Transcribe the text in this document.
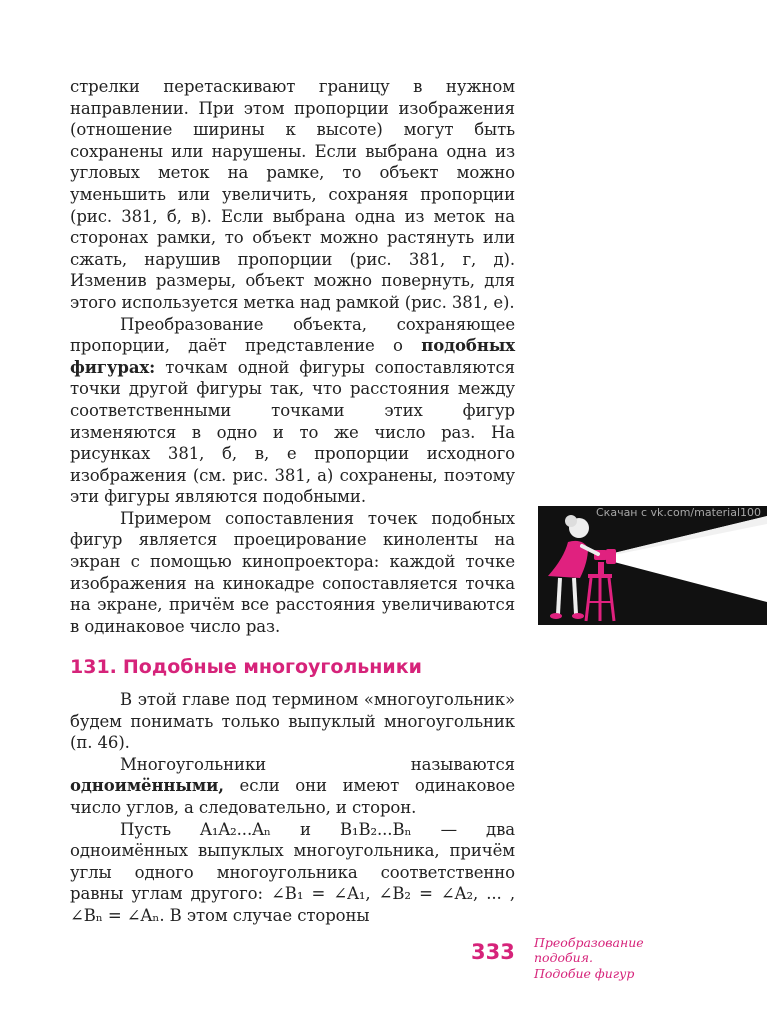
стрелки перетаскивают границу в нужном направлении. При этом пропорции изображения (отношение ширины к высоте) могут быть сохранены или нарушены. Если выбрана одна из угловых меток на рамке, то объект можно уменьшить или увеличить, сохраняя пропорции (рис. 381, б, в). Если выбрана одна из меток на сторонах рамки, то объект можно растянуть или сжать, нарушив пропорции (рис. 381, г, д). Изменив размеры, объект можно повернуть, для этого используется метка над рамкой (рис. 381, е).

Преобразование объекта, сохраняющее пропорции, даёт представление о подобных фигурах: точкам одной фигуры сопоставляются точки другой фигуры так, что расстояния между соответственными точками этих фигур изменяются в одно и то же число раз. На рисунках 381, б, в, е пропорции исходного изображения (см. рис. 381, а) сохранены, поэтому эти фигуры являются подобными.

Примером сопоставления точек подобных фигур является проецирование киноленты на экран с помощью кинопроектора: каждой точке изображения на кинокадре сопоставляется точка на экране, причём все расстояния увеличиваются в одинаковое число раз.

Скачан с vk.com/material100
131. Подобные многоугольники

В этой главе под термином «многоугольник» будем понимать только выпуклый многоугольник (п. 46).

Многоугольники называются одноимёнными, если они имеют одинаковое число углов, а следовательно, и сторон.

Пусть A₁A₂...Aₙ и B₁B₂...Bₙ — два одноимённых выпуклых многоугольника, причём углы одного многоугольника соответственно равны углам другого: ∠B₁ = ∠A₁, ∠B₂ = ∠A₂, ... , ∠Bₙ = ∠Aₙ. В этом случае стороны

333 Преобразование
подобия.
Подобие фигур
